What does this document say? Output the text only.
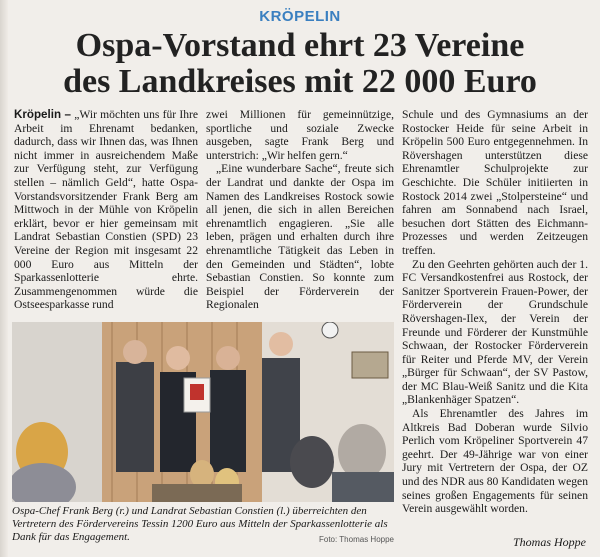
KRÖPELIN
Ospa-Vorstand ehrt 23 Vereine
des Landkreises mit 22 000 Euro

Kröpelin – „Wir möchten uns für Ihre Arbeit im Ehrenamt bedanken, dadurch, dass wir Ihnen das, was Ihnen nicht immer in ausreichendem Maße zur Verfügung steht, zur Verfügung stellen – nämlich Geld“, hatte Ospa-Vorstandsvorsitzender Frank Berg am Mittwoch in der Mühle von Kröpelin erklärt, bevor er hier gemeinsam mit Landrat Sebastian Constien (SPD) 23 Vereine der Region mit insgesamt 22 000 Euro aus Mitteln der Sparkassenlotterie ehrte. Zusammengenommen würde die Ostseesparkasse rund

zwei Millionen für gemeinnützige, sportliche und soziale Zwecke ausgeben, sagte Frank Berg und unterstrich: „Wir helfen gern.“

„Eine wunderbare Sache“, freute sich der Landrat und dankte der Ospa im Namen des Landkreises Rostock sowie all jenen, die sich in allen Bereichen ehrenamtlich engagieren. „Sie alle leben, prägen und erhalten durch ihre ehrenamtliche Tätigkeit das Leben in den Gemeinden und Städten“, lobte Sebastian Constien. So konnte zum Beispiel der Förderverein der Regionalen

Schule und des Gymnasiums an der Rostocker Heide für seine Arbeit in Kröpelin 500 Euro entgegennehmen. In Rövershagen unterstützen diese Ehrenamtler Schulprojekte zur Geschichte. Die Schüler initiierten in Rostock 2014 zwei „Stolpersteine“ und fahren am Sonnabend nach Israel, besuchen dort Stätten des Eichmann-Prozesses und werden Zeitzeugen treffen.

Zu den Geehrten gehörten auch der 1. FC Versandkostenfrei aus Rostock, der Sanitzer Sportverein Frauen-Power, der Förderverein der Grundschule Rövershagen-Ilex, der Verein der Freunde und Förderer der Kunstmühle Schwaan, der Rostocker Förderverein für Reiter und Pferde MV, der Verein „Bürger für Schwaan“, der SV Pastow, der MC Blau-Weiß Sanitz und die Kita „Blankenhäger Spatzen“.

Als Ehrenamtler des Jahres im Altkreis Bad Doberan wurde Silvio Perlich vom Kröpeliner Sportverein 47 geehrt. Der 49-Jährige war von einer Jury mit Vertretern der Ospa, der OZ und des NDR aus 80 Kandidaten wegen seines großen Engagements für seinen Verein ausgewählt worden.

Ospa-Chef Frank Berg (r.) und Landrat Sebastian Constien (l.) überreichten den Vertretern des Fördervereins Tessin 1200 Euro aus Mitteln der Sparkassenlotterie als Dank für das Engagement.	Foto: Thomas Hoppe	Thomas Hoppe
